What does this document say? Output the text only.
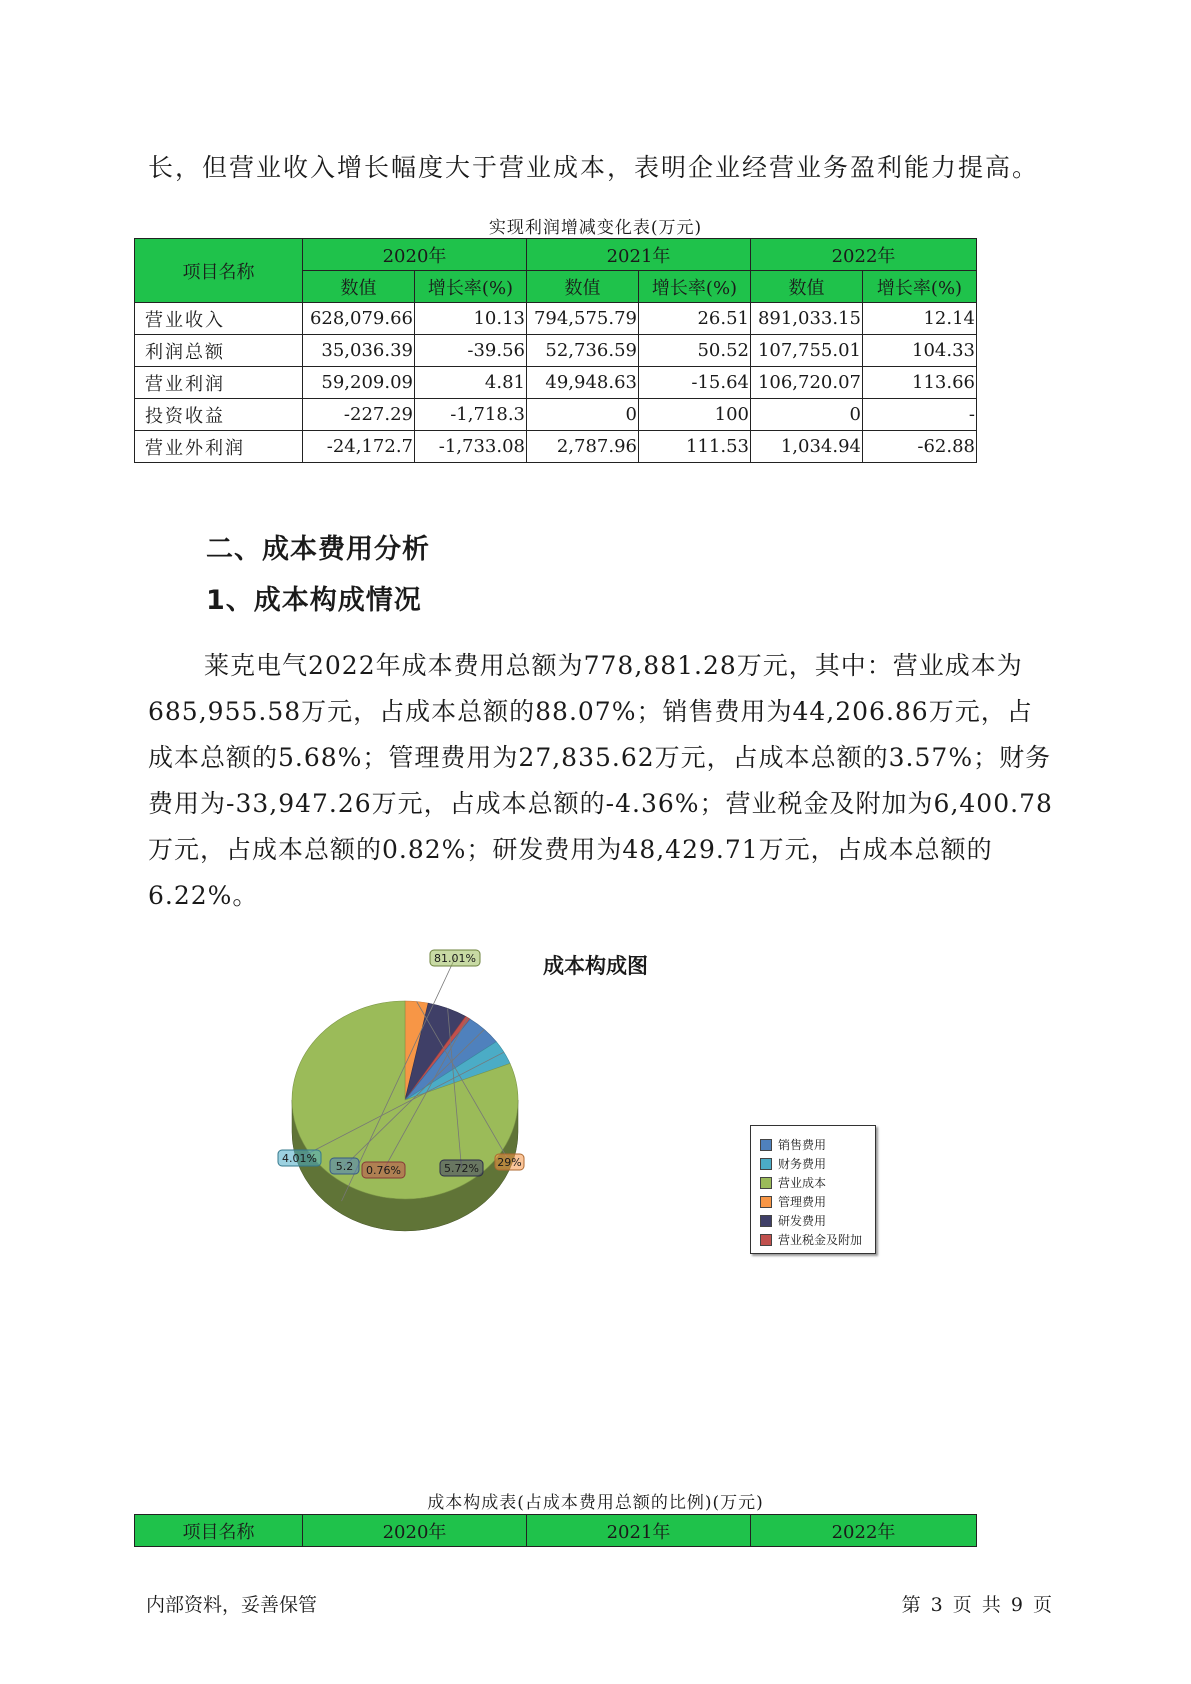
长，但营业收入增长幅度大于营业成本，表明企业经营业务盈利能力提高。
实现利润增减变化表(万元)
项目名称	2020年		2021年		2022年	
	数值	增长率(%)	数值	增长率(%)	数值	增长率(%)
营业收入	628,079.66	10.13	794,575.79	26.51	891,033.15	12.14
利润总额	35,036.39	-39.56	52,736.59	50.52	107,755.01	104.33
营业利润	59,209.09	4.81	49,948.63	-15.64	106,720.07	113.66
投资收益	-227.29	-1,718.3	0	100	0	-
营业外利润	-24,172.7	-1,733.08	2,787.96	111.53	1,034.94	-62.88
二、成本费用分析
1、成本构成情况
莱克电气2022年成本费用总额为778,881.28万元，其中：营业成本为685,955.58万元，占成本总额的88.07%；销售费用为44,206.86万元，占成本总额的5.68%；管理费用为27,835.62万元，占成本总额的3.57%；财务费用为-33,947.26万元，占成本总额的-4.36%；营业税金及附加为6,400.78万元，占成本总额的0.82%；研发费用为48,429.71万元，占成本总额的6.22%。
成本构成图
29%
5.72%
0.76%
5.2
4.01%
81.01%
销售费用
财务费用
营业成本
管理费用
研发费用
营业税金及附加
成本构成表(占成本费用总额的比例)(万元)
项目名称	2020年	2021年	2022年
内部资料，妥善保管	第 3 页 共 9 页
